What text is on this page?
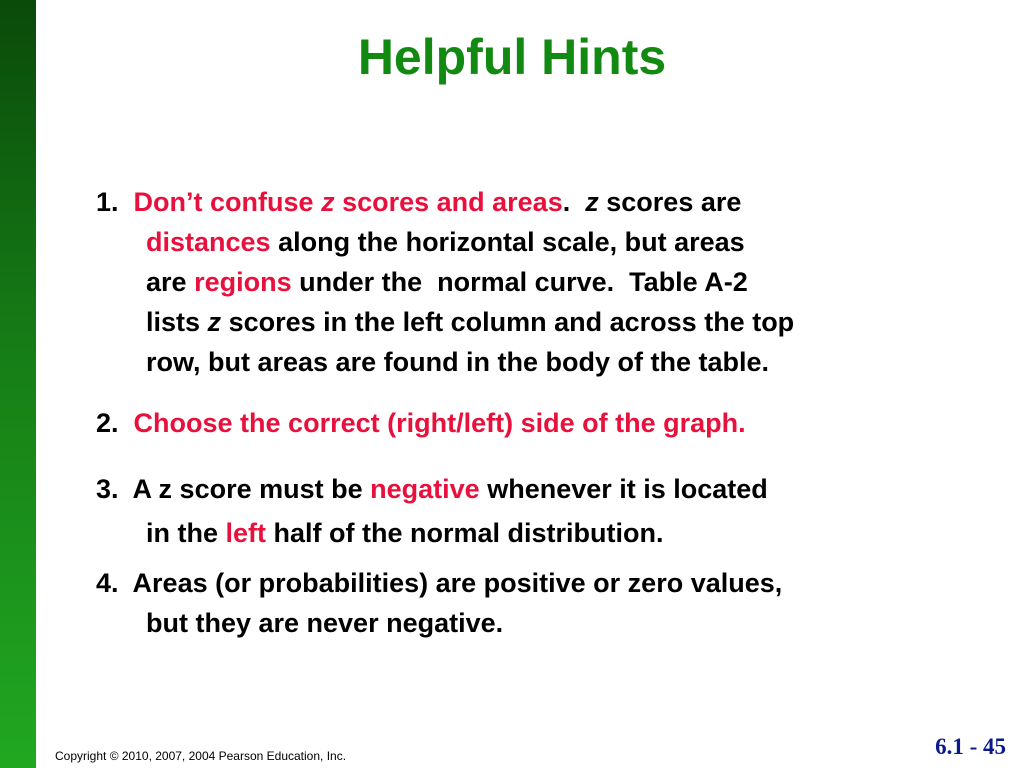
Helpful Hints
1. Don’t confuse z scores and areas. z scores are
distances along the horizontal scale, but areas
are regions under the  normal curve.  Table A-2
lists z scores in the left column and across the top
row, but areas are found in the body of the table.
2. Choose the correct (right/left) side of the graph.
3. A z score must be negative whenever it is located
in the left half of the normal distribution.
4. Areas (or probabilities) are positive or zero values,
but they are never negative.
Copyright © 2010, 2007, 2004 Pearson Education, Inc.	6.1 - 45
